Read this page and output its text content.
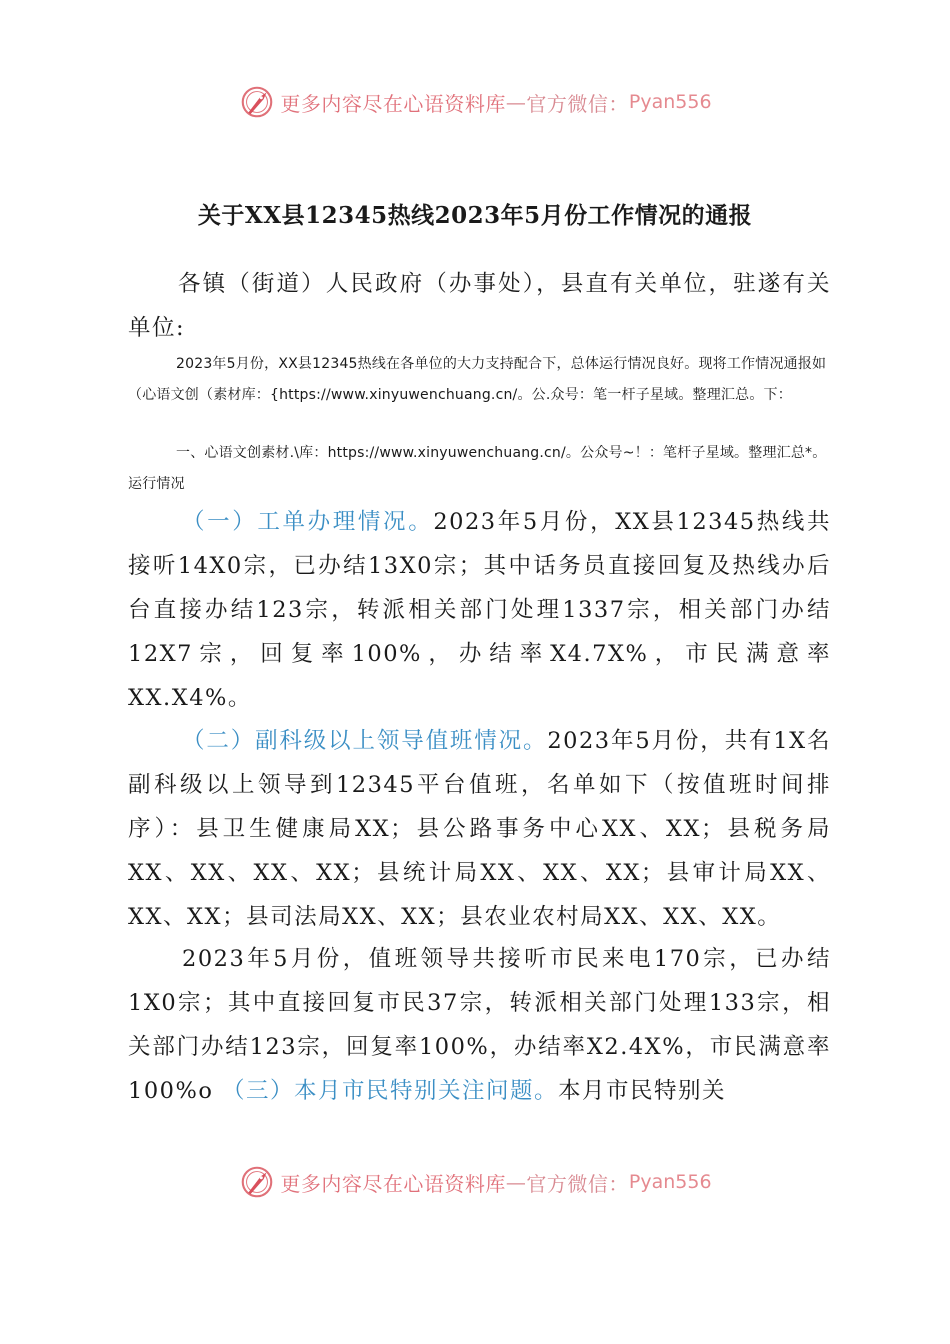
更多内容尽在心语资料库 — 官方微信： Pyan556
关于XX县12345热线2023年5月份工作情况的通报

各镇（街道）人民政府（办事处），县直有关单位，驻遂有关单位:

2023年5月份，XX县12345热线在各单位的大力支持配合下，总体运行情况良好。现将工作情况通报如（心语文创（素材库：{https://www.xinyuwenchuang.cn/。公.众号：笔一杆子星域。整理汇总。下：

一、心语文创素材.\库：https://www.xinyuwenchuang.cn/。公众号~！：笔杆子星域。整理汇总*。运行情况

（一）工单办理情况。2023年5月份，XX县12345热线共接听14X0宗，已办结13X0宗；其中话务员直接回复及热线办后台直接办结123宗，转派相关部门处理1337宗，相关部门办结12X7宗，回复率100%，办结率X4.7X%，市民满意率XX.X4%。

（二）副科级以上领导值班情况。2023年5月份，共有1X名副科级以上领导到12345平台值班，名单如下（按值班时间排序）：县卫生健康局XX；县公路事务中心XX、XX；县税务局XX、XX、XX、XX；县统计局XX、XX、XX；县审计局XX、XX、XX；县司法局XX、XX；县农业农村局XX、XX、XX。

2023年5月份，值班领导共接听市民来电170宗，已办结1X0宗；其中直接回复市民37宗，转派相关部门处理133宗，相关部门办结123宗，回复率100%，办结率X2.4X%，市民满意率100%o （三）本月市民特别关注问题。本月市民特别关

更多内容尽在心语资料库 — 官方微信： Pyan556
